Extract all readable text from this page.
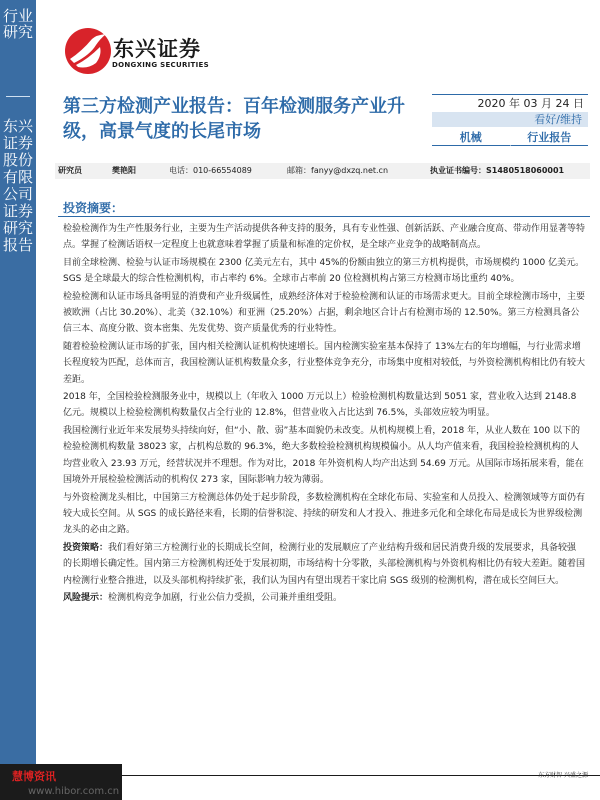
行业研究
东兴证券股份有限公司证券研究报告
东兴证券
DONGXING SECURITIES
第三方检测产业报告：百年检测服务产业升级，高景气度的长尾市场
2020 年 03 月 24 日
看好/维持
机械	行业报告
研究员	樊艳阳	电话：010-66554089	邮箱：fanyy@dxzq.net.cn	执业证书编号：S1480518060001
投资摘要：

检验检测作为生产性服务行业，主要为生产活动提供各种支持的服务，具有专业性强、创新活跃、产业融合度高、带动作用显著等特点。掌握了检测话语权一定程度上也就意味着掌握了质量和标准的定价权，是全球产业竞争的战略制高点。

目前全球检测、检验与认证市场规模在 2300 亿美元左右，其中 45%的份额由独立的第三方机构提供，市场规模约 1000 亿美元。SGS 是全球最大的综合性检测机构，市占率约 6%。全球市占率前 20 位检测机构占第三方检测市场比重约 40%。

检验检测和认证市场具备明显的消费和产业升级属性，成熟经济体对于检验检测和认证的市场需求更大。目前全球检测市场中，主要被欧洲（占比 30.20%）、北美（32.10%）和亚洲（25.20%）占据，剩余地区合计占有检测市场的 12.50%。第三方检测具备公信三本、高度分散、资本密集、先发优势、资产质量优秀的行业特性。

随着检验检测认证市场的扩张，国内相关检测认证机构快速增长。国内检测实验室基本保持了 13%左右的年均增幅，与行业需求增长程度较为匹配，总体而言，我国检测认证机构数量众多，行业整体竞争充分，市场集中度相对较低，与外资检测机构相比仍有较大差距。

2018 年，全国检验检测服务业中，规模以上（年收入 1000 万元以上）检验检测机构数量达到 5051 家，营业收入达到 2148.8 亿元。规模以上检验检测机构数量仅占全行业的 12.8%，但营业收入占比达到 76.5%，头部效应较为明显。

我国检测行业近年来发展势头持续向好，但“小、散、弱”基本面貌仍未改变。从机构规模上看，2018 年，从业人数在 100 以下的检验检测机构数量 38023 家，占机构总数的 96.3%，绝大多数检验检测机构规模偏小。从人均产值来看，我国检验检测机构的人均营业收入 23.93 万元，经营状况并不理想。作为对比，2018 年外资机构人均产出达到 54.69 万元。从国际市场拓展来看，能在国境外开展检验检测活动的机构仅 273 家，国际影响力较为薄弱。

与外资检测龙头相比，中国第三方检测总体仍处于起步阶段，多数检测机构在全球化布局、实验室和人员投入、检测领域等方面仍有较大成长空间。从 SGS 的成长路径来看，长期的信誉积淀、持续的研发和人才投入、推进多元化和全球化布局是成长为世界级检测龙头的必由之路。

投资策略：我们看好第三方检测行业的长期成长空间，检测行业的发展顺应了产业结构升级和居民消费升级的发展要求，具备较强的长期增长确定性。国内第三方检测机构还处于发展初期，市场结构十分零散，头部检测机构与外资机构相比仍有较大差距。随着国内检测行业整合推进，以及头部机构持续扩张，我们认为国内有望出现若干家比肩 SGS 级别的检测机构，潜在成长空间巨大。

风险提示：检测机构竞争加剧，行业公信力受损，公司兼并重组受阻。

慧博资讯
www.hibor.com.cn
东方财智 兴盛之源
